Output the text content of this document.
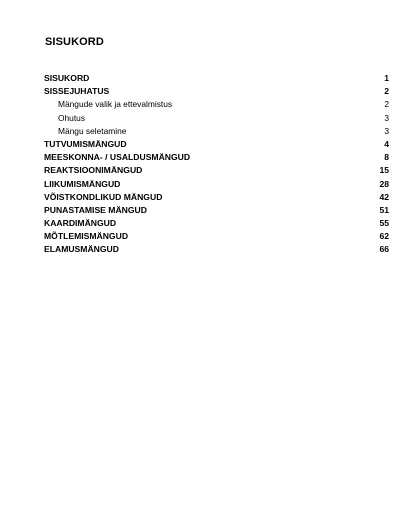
SISUKORD
SISUKORD	1
SISSEJUHATUS	2
Mängude valik ja ettevalmistus	2
Ohutus	3
Mängu seletamine	3
TUTVUMISMÄNGUD	4
MEESKONNA- / USALDUSMÄNGUD	8
REAKTSIOONIMÄNGUD	15
LIIKUMISMÄNGUD	28
VÕISTKONDLIKUD MÄNGUD	42
PUNASTAMISE MÄNGUD	51
KAARDIMÄNGUD	55
MÕTLEMISMÄNGUD	62
ELAMUSMÄNGUD	66
